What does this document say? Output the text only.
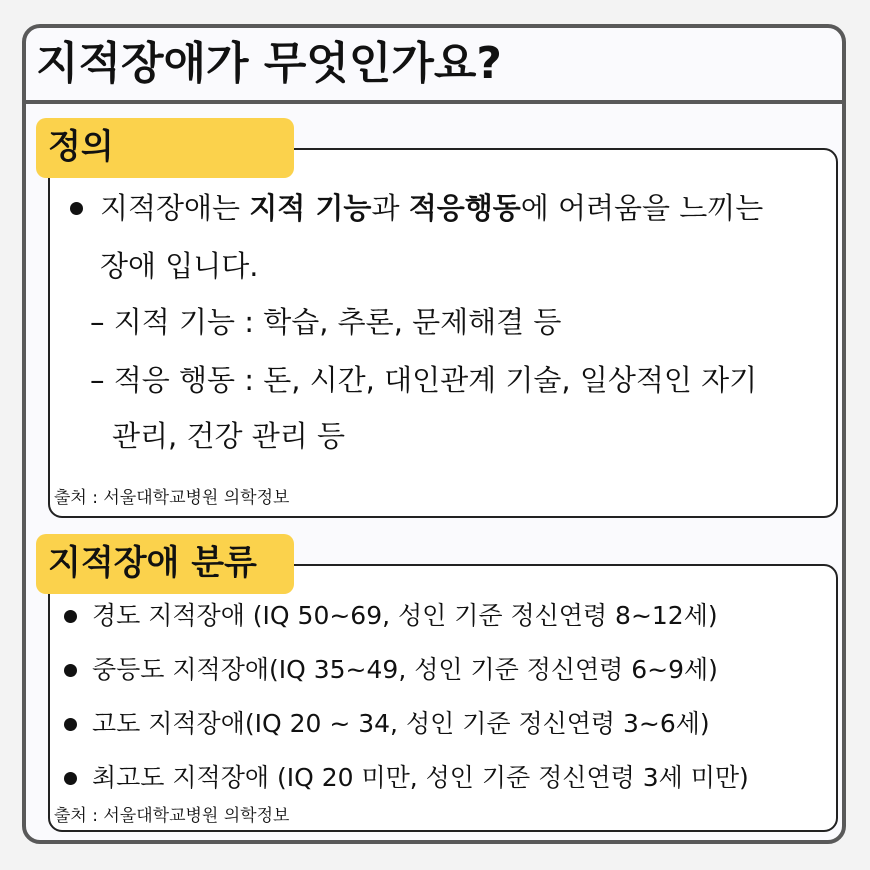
지적장애가 무엇인가요?
지적장애는 지적 기능과 적응행동에 어려움을 느끼는
장애 입니다.
– 지적 기능 : 학습, 추론, 문제해결 등
– 적응 행동 : 돈, 시간, 대인관계 기술, 일상적인 자기
관리, 건강 관리 등
출처 : 서울대학교병원 의학정보
정의
경도 지적장애 (IQ 50~69, 성인 기준 정신연령 8~12세)
중등도 지적장애(IQ 35~49, 성인 기준 정신연령 6~9세)
고도 지적장애(IQ 20 ~ 34, 성인 기준 정신연령 3~6세)
최고도 지적장애 (IQ 20 미만, 성인 기준 정신연령 3세 미만)
출처 : 서울대학교병원 의학정보
지적장애 분류
